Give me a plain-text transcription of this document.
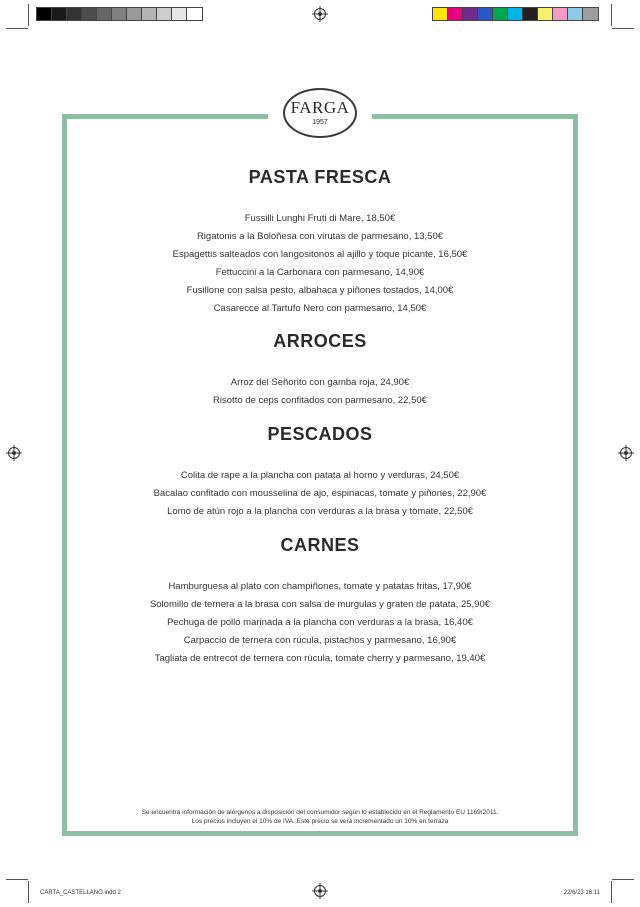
FARGA
1957
PASTA FRESCA
Fussilli Lunghi Fruti di Mare, 18,50€
Rigatonis a la Boloñesa con virutas de parmesano, 13,50€
Espagettis salteados con langositonos al ajillo y toque picante, 16,50€
Fettuccini a la Carbonara con parmesano, 14,90€
Fusillone con salsa pesto, albahaca y piñones tostados, 14,00€
Casarecce al Tartufo Nero con parmesano, 14,50€
ARROCES
Arroz del Señorito con gamba roja, 24,90€
Risotto de ceps confitados con parmesano, 22,50€
PESCADOS
Colita de rape a la plancha con patata al horno y verduras, 24,50€
Bacalao confitado con mousselina de ajo, espinacas, tomate y piñones, 22,90€
Lomo de atún rojo a la plancha con verduras a la brasa y tomate, 22,50€
CARNES
Hamburguesa al plato con champiñones, tomate y patatas fritas, 17,90€
Solomillo de ternera a la brasa con salsa de murgulas y graten de patata, 25,90€
Pechuga de pollo marinada a la plancha con verduras a la brasa, 16,40€
Carpaccio de ternera con rúcula, pistachos y parmesano, 16,90€
Tagliata de entrecot de ternera con rúcula, tomate cherry y parmesano, 19,40€
Se encuentra información de alérgenos a disposición del consumidor según lo establecido en el Reglamento EU 1169/2011.
Los precios incluyen el 10% de IVA. Este precio se verá incrementado un 10% en terraza
CARTA_CASTELLANO.indd 2	22/6/23 16:11
